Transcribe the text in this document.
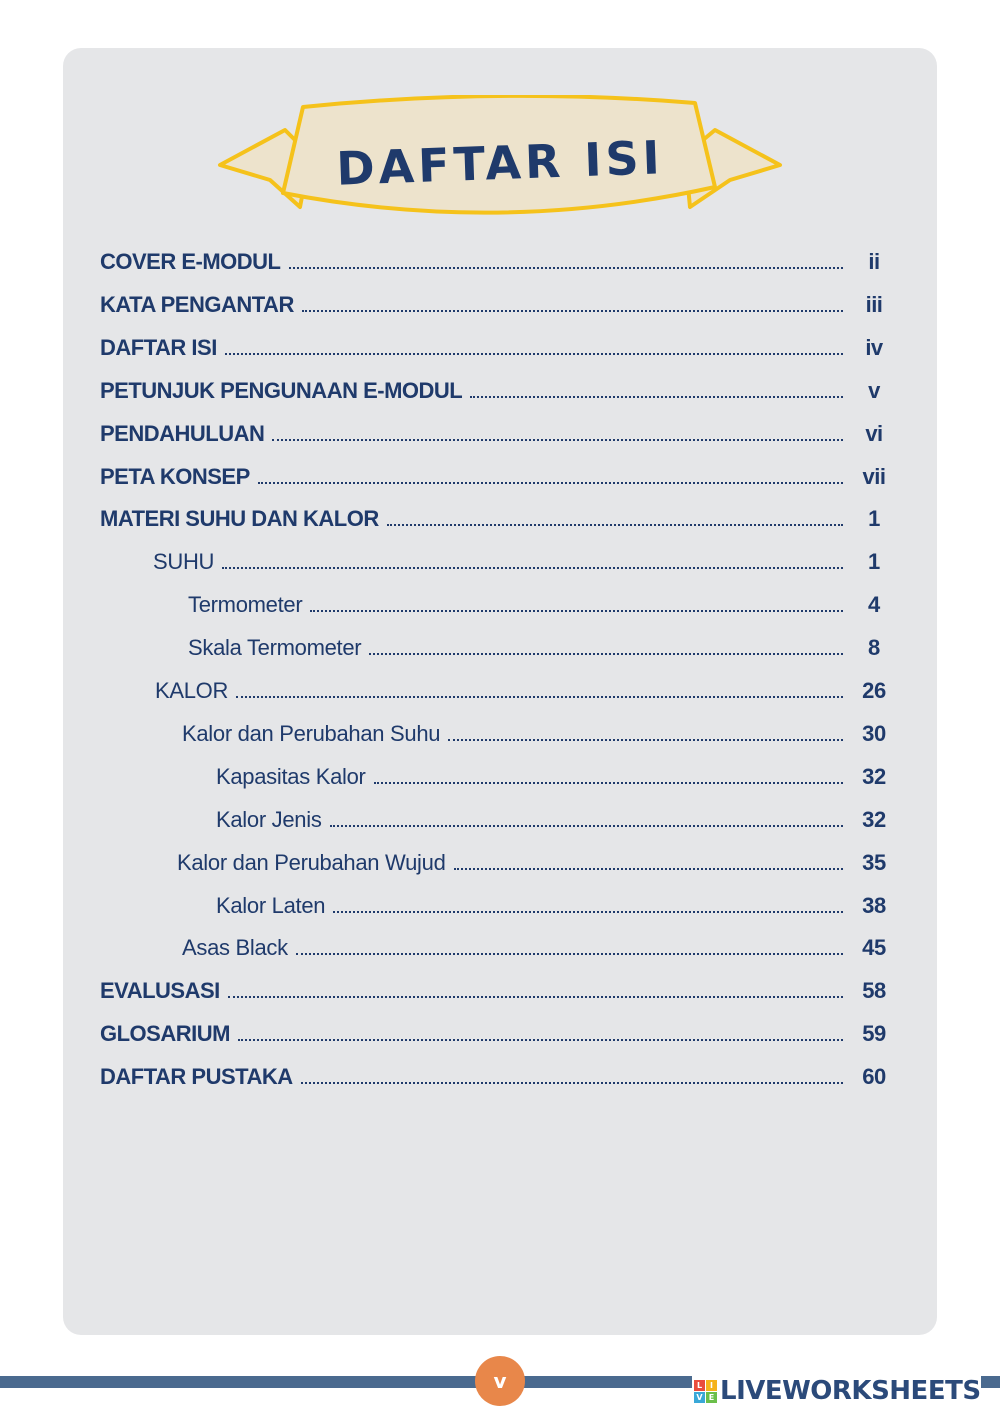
DAFTAR ISI
COVER E-MODUL	ii
KATA PENGANTAR	iii
DAFTAR ISI	iv
PETUNJUK PENGUNAAN E-MODUL	v
PENDAHULUAN	vi
PETA KONSEP	vii
MATERI SUHU DAN KALOR	1
SUHU	1
Termometer	4
Skala Termometer	8
KALOR	26
Kalor dan Perubahan Suhu	30
Kapasitas Kalor	32
Kalor Jenis	32
Kalor dan Perubahan Wujud	35
Kalor Laten	38
Asas Black	45
EVALUSASI	58
GLOSARIUM	59
DAFTAR PUSTAKA	60
v	L I
V E LIVEWORKSHEETS
